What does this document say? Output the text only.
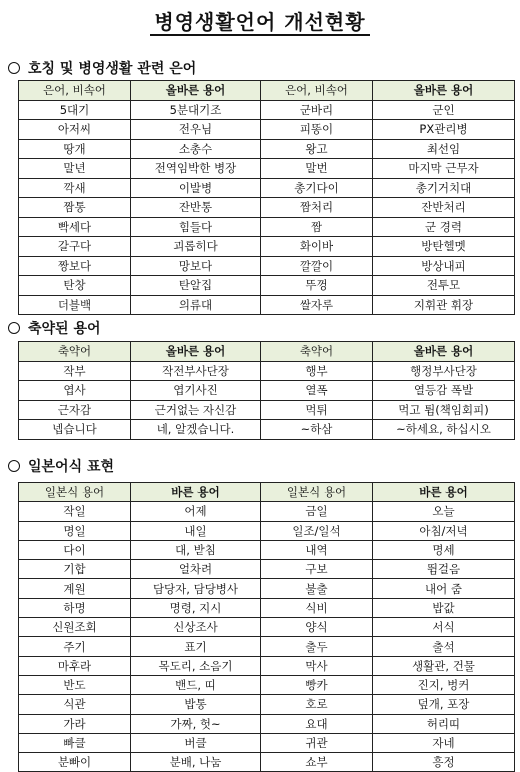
병영생활언어 개선현황
호칭 및 병영생활 관련 은어
은어, 비속어	올바른 용어	은어, 비속어	올바른 용어
5대기	5분대기조	군바리	군인
아저씨	전우님	피똥이	PX관리병
땅개	소총수	왕고	최선임
말년	전역임박한 병장	말번	마지막 근무자
깍새	이발병	총기다이	총기거치대
짬통	잔반통	짬처리	잔반처리
빡세다	힘들다	짬	군 경력
갈구다	괴롭히다	화이바	방탄헬멧
짱보다	망보다	깔깔이	방상내피
탄창	탄알집	뚜껑	전투모
더블백	의류대	쌀자루	지휘관 휘장
축약된 용어
축약어	올바른 용어	축약어	올바른 용어
작부	작전부사단장	행부	행정부사단장
엽사	엽기사진	열폭	열등감 폭발
근자감	근거없는 자신감	먹튀	먹고 튐(책임회피)
넵습니다	네, 알겠습니다.	~하삼	~하세요, 하십시오
일본어식 표현
일본식 용어	바른 용어	일본식 용어	바른 용어
작일	어제	금일	오늘
명일	내일	일조/일석	아침/저녁
다이	대, 받침	내역	명세
기합	얼차려	구보	뜀걸음
계원	담당자, 담당병사	불출	내어 줌
하명	명령, 지시	식비	밥값
신원조회	신상조사	양식	서식
주기	표기	출두	출석
마후라	목도리, 소음기	막사	생활관, 건물
반도	밴드, 띠	빵카	진지, 벙커
식관	밥통	호로	덮개, 포장
가라	가짜, 헛~	요대	허리띠
빠클	버클	귀관	자네
분빠이	분배, 나눔	쇼부	흥정
